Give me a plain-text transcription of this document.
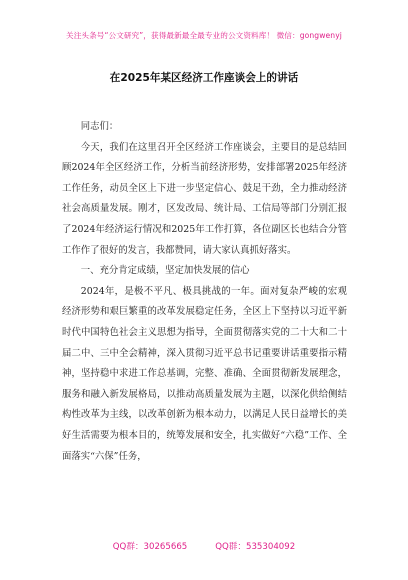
关注头条号“公文研究”，获得最新最全最专业的公文资料库！ 微信：gongwenyj
在2025年某区经济工作座谈会上的讲话

同志们：

今天，我们在这里召开全区经济工作座谈会，主要目的是总结回顾2024年全区经济工作，分析当前经济形势，安排部署2025年经济工作任务，动员全区上下进一步坚定信心、鼓足干劲，全力推动经济社会高质量发展。刚才，区发改局、统计局、工信局等部门分别汇报了2024年经济运行情况和2025年工作打算，各位副区长也结合分管工作作了很好的发言，我都赞同，请大家认真抓好落实。

一、充分肯定成绩，坚定加快发展的信心

2024年，是极不平凡、极具挑战的一年。面对复杂严峻的宏观经济形势和艰巨繁重的改革发展稳定任务，全区上下坚持以习近平新时代中国特色社会主义思想为指导，全面贯彻落实党的二十大和二十届二中、三中全会精神，深入贯彻习近平总书记重要讲话重要指示精神，坚持稳中求进工作总基调，完整、准确、全面贯彻新发展理念，服务和融入新发展格局，以推动高质量发展为主题，以深化供给侧结构性改革为主线，以改革创新为根本动力，以满足人民日益增长的美好生活需要为根本目的，统筹发展和安全，扎实做好“六稳”工作、全面落实“六保”任务，

QQ群：30265665	QQ群：535304092
